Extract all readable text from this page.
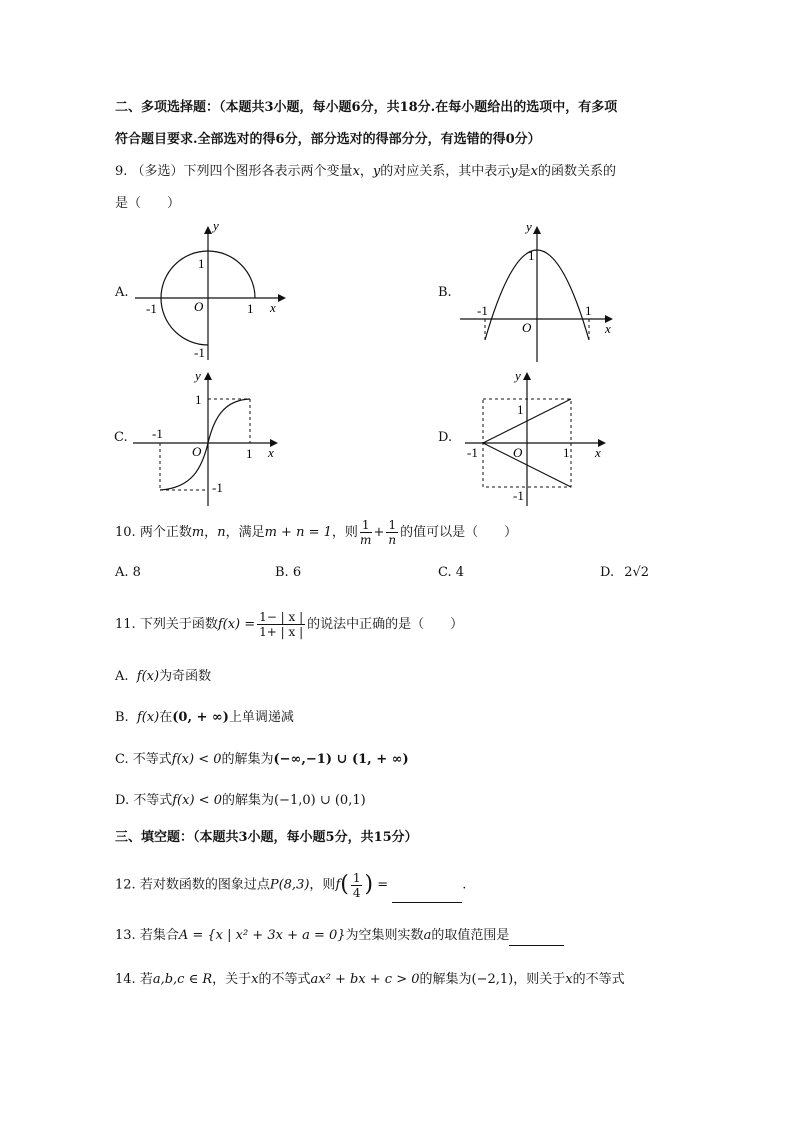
二、多项选择题：（本题共3小题，每小题6分，共18分.在每小题给出的选项中，有多项
符合题目要求.全部选对的得6分，部分选对的得部分分，有选错的得0分）
9. （多选）下列四个图形各表示两个变量x，y的对应关系，其中表示y是x的函数关系的
是（　　）
A.
y
x
O	1
-1
1
-1
B.
y
x
O
1
-1
1
C.
y
x
O	1
-1
1
-1
D.
y
x
O	1
-1
1
-1
10. 两个正数m，n，满足m + n = 1，则 $\frac{1}{m} + \frac{1}{n}$ 的值可以是（　　）
A. 8	B. 6	C. 4	D. 2√2
11. 下列关于函数$f(x) = \frac{1- | x |}{1+ | x |}$ 的说法中正确的是（　　）
A. f(x)为奇函数
B. f(x)在(0, + ∞)上单调递减
C. 不等式f(x) < 0的解集为(−∞,−1) ∪ (1, + ∞)
D. 不等式f(x) < 0的解集为(−1,0) ∪ (0,1)
三、填空题：（本题共3小题，每小题5分，共15分）
12. 若对数函数的图象过点P(8,3)，则$f( \frac{1}{4}$ ) =	.
13. 若集合A = {x | x² + 3x + a = 0}为空集则实数a的取值范围是
14. 若a,b,c ∈ R，关于x的不等式ax² + bx + c > 0的解集为(−2,1)，则关于x的不等式
